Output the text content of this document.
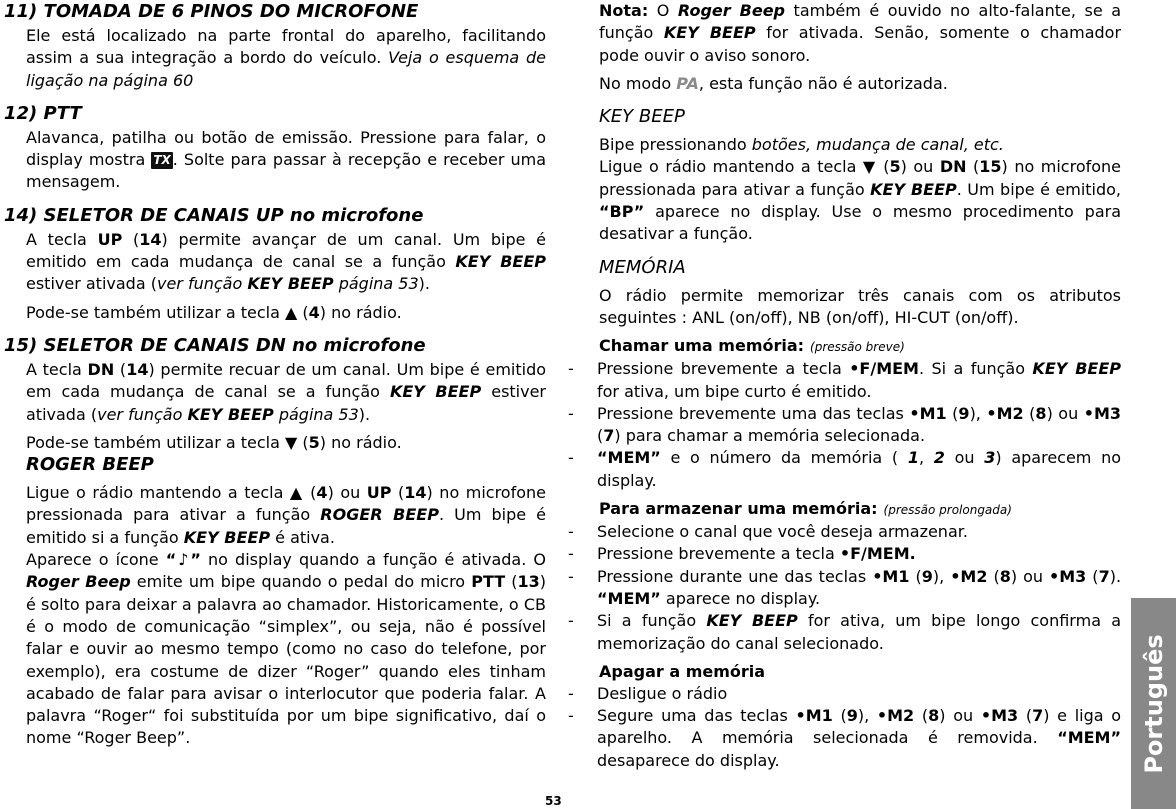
11) TOMADA DE 6 PINOS DO MICROFONE

Ele está localizado na parte frontal do aparelho, facilitando assim a sua integração a bordo do veículo. Veja o esquema de ligação na página 60

12) PTT

Alavanca, patilha ou botão de emissão. Pressione para falar, o display mostra TX . Solte para passar à recepção e receber uma mensagem.

14) SELETOR DE CANAIS UP no microfone

A tecla UP (14) permite avançar de um canal. Um bipe é emitido em cada mudança de canal se a função KEY BEEP estiver ativada (ver função KEY BEEP página 53).

Pode-se também utilizar a tecla ▲ (4) no rádio.

15) SELETOR DE CANAIS DN no microfone

A tecla DN (14) permite recuar de um canal. Um bipe é emitido em cada mudança de canal se a função KEY BEEP estiver ativada (ver função KEY BEEP página 53).

Pode-se também utilizar a tecla ▼ (5) no rádio.

ROGER BEEP

Ligue o rádio mantendo a tecla ▲ (4) ou UP (14) no microfone pressionada para ativar a função ROGER BEEP. Um bipe é emitido si a função KEY BEEP é ativa.

Aparece o ícone “♪” no display quando a função é ativada. O Roger Beep emite um bipe quando o pedal do micro PTT (13) é solto para deixar a palavra ao chamador. Historicamente, o CB é o modo de comunicação “simplex”, ou seja, não é possível falar e ouvir ao mesmo tempo (como no caso do telefone, por exemplo), era costume de dizer “Roger” quando eles tinham acabado de falar para avisar o interlocutor que poderia falar. A palavra “Roger“ foi substituída por um bipe significativo, daí o nome “Roger Beep”.

Nota: O Roger Beep também é ouvido no alto-falante, se a função KEY BEEP for ativada. Senão, somente o chamador pode ouvir o aviso sonoro.

No modo PA, esta função não é autorizada.

KEY BEEP

Bipe pressionando botões, mudança de canal, etc.

Ligue o rádio mantendo a tecla ▼ (5) ou DN (15) no microfone pressionada para ativar a função KEY BEEP. Um bipe é emitido, “BP” aparece no display. Use o mesmo procedimento para desativar a função.

MEMÓRIA

O rádio permite memorizar três canais com os atributos seguintes : ANL (on/off), NB (on/off), HI-CUT (on/off).

Chamar uma memória: (pressão breve)

-	Pressione brevemente a tecla •F/MEM. Si a função KEY BEEP for ativa, um bipe curto é emitido.
-	Pressione brevemente uma das teclas •M1 (9), •M2 (8) ou •M3 (7) para chamar a memória selecionada.
-	“MEM” e o número da memória ( 1, 2 ou 3) aparecem no display.

Para armazenar uma memória: (pressão prolongada)

-	Selecione o canal que você deseja armazenar.
-	Pressione brevemente a tecla •F/MEM.
-	Pressione durante une das teclas •M1 (9), •M2 (8) ou •M3 (7). “MEM” aparece no display.
-	Si a função KEY BEEP for ativa, um bipe longo confirma a memorização do canal selecionado.

Apagar a memória

-	Desligue o rádio
-	Segure uma das teclas •M1 (9), •M2 (8) ou •M3 (7) e liga o aparelho. A memória selecionada é removida. “MEM” desaparece do display.
53
Português
